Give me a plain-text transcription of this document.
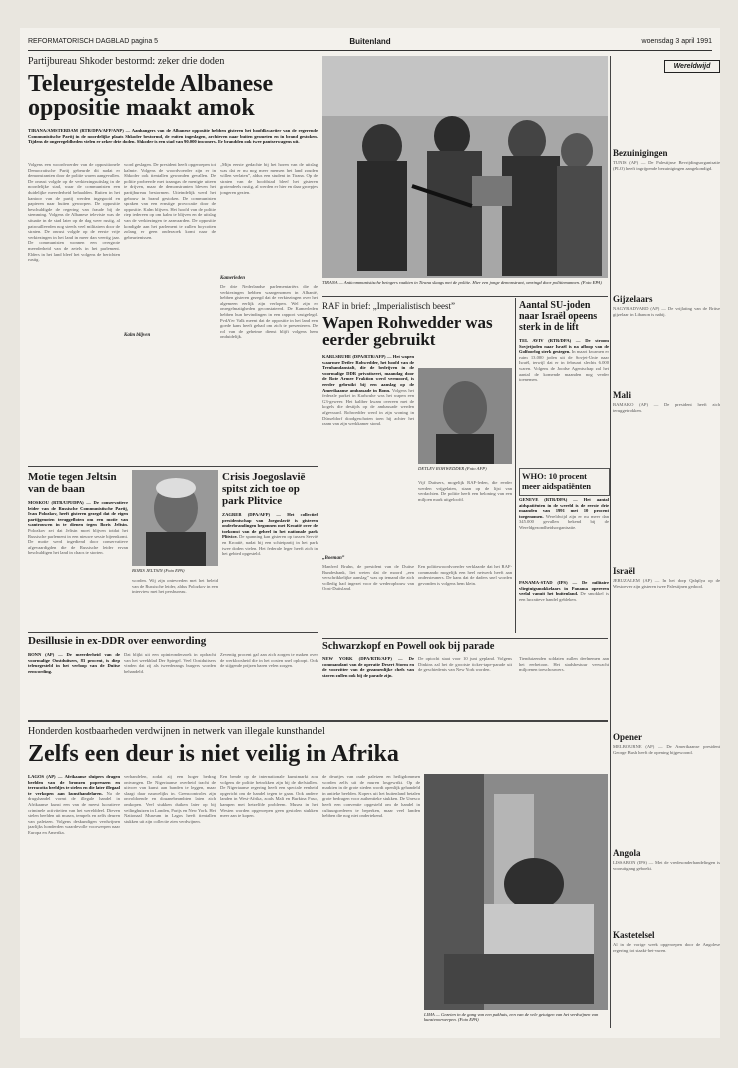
REFORMATORISCH DAGBLAD pagina 5	Buitenland	woensdag 3 april 1991
Partijbureau Shkoder bestormd: zeker drie doden
Teleurgestelde Albanese oppositie maakt amok
TIRANA/AMSTERDAM (RTR/DPA/AFP/ANP) — Aanhangers van de Albanese oppositie hebben gisteren het hoofdkwartier van de regerende Communistische Partij in de noordelijke plaats Shkoder bestormd, de ruiten ingeslagen, archieven naar buiten gesmeten en in brand gestoken. Tijdens de ongeregeldheden vielen er zeker drie doden. Shkoder is een stad van 90.000 inwoners. Er brandden ook twee pantserwagens uit.
Volgens een woordvoerder van de oppositionele Democratische Partij gebeurde dit nadat er demonstranten door de politie waren aangevallen. De onrust volgde op de verkiezingsuitslag in de noordelijke stad, waar de communisten een duidelijke meerderheid behaalden. Ruiten in het kantoor van de partij werden ingegooid en papieren naar buiten geworpen. De oppositie beschuldigde de regering van fraude bij de stemming. Volgens de Albanese televisie was de situatie in de stad later op de dag weer rustig, al patrouilleerden nog steeds veel militairen door de straten. De onrust volgde op de eerste vrije verkiezingen in het land in meer dan veertig jaar. De communisten wonnen een overgrote meerderheid van de zetels in het parlement. Elders in het land bleef het volgens de berichten rustig.
word geslagen. De president heeft opgeroepen tot kalmte. Volgens de woordvoerder zijn er in Shkoder ook tientallen gewonden gevallen. De politie probeerde met traangas de menigte uiteen te drijven, maar de demonstranten bleven het partijbureau bestormen. Uiteindelijk werd het gebouw in brand gestoken. De communisten spraken van een ernstige provocatie door de oppositie. Kalm blijven. Het hoofd van de politie riep iedereen op om kalm te blijven en de uitslag van de verkiezingen te aanvaarden. De oppositie kondigde aan het parlement te zullen boycotten zolang er geen onderzoek komt naar de gebeurtenissen.
Kalm blijven
„Mijn eerste gedachte bij het horen van de uitslag was dat er nu nog meer mensen het land zouden willen verlaten”, aldus een student in Tirana. Op de straten van de hoofdstad bleef het gisteren grotendeels rustig, al werden er hier en daar groepjes jongeren gezien.
Kamerleden
De drie Nederlandse parlementariërs die de verkiezingen hebben waargenomen in Albanië, hebben gisteren gezegd dat de verkiezingen over het algemeen eerlijk zijn verlopen. Wel zijn er onregelmatigheden geconstateerd. De Kamerleden hebben hun bevindingen in een rapport vastgelegd. PvdA'er Valk meent dat de oppositie in het land een goede kans heeft gehad om zich te presenteren. De rol van de geheime dienst blijft volgens hem onduidelijk.
TIRANA — Anticommunistische betogers raakten in Tirana slaags met de politie. Hier een jonge demonstrant, omringd door politiemannen. (Foto EPA)
RAF in brief: „Imperialistisch beest”
Wapen Rohwedder was eerder gebruikt
KARLSRUHE (DPA/RTR/AFP) — Het wapen waarmee Detlev Rohwedder, het hoofd van de Treuhandanstalt, die de bedrijven in de voormalige DDR privatiseert, maandag door de Rote Armee Fraktion werd vermoord, is eerder gebruikt bij een aanslag op de Amerikaanse ambassade in Bonn. Volgens het federale parket in Karlsruhe was het wapen een G3-geweer. Het kaliber kwam overeen met de kogels die destijds op de ambassade werden afgevuurd. Rohwedder werd in zijn woning in Düsseldorf doodgeschoten toen hij achter het raam van zijn werkkamer stond.
DETLEV ROHWEDDER (Foto AFP)
Vijf Duitsers, mogelijk RAF-leden, die eerder werden vrijgelaten, staan op de lijst van verdachten. De politie heeft een beloning van een miljoen mark uitgeloofd.
„Boeman”
Manfred Bruhn, de president van de Duitse Bundesbank, liet weten dat de moord „een verschrikkelijke aanslag” was op iemand die zich volledig had ingezet voor de wederopbouw van Oost-Duitsland.
Een politiewoordvoerder verklaarde dat het RAF-commando mogelijk een heel netwerk heeft aan ondersteuners. De kans dat de daders snel worden gevonden is volgens hem klein.
Aantal SU-joden naar Israël opeens sterk in de lift
TEL AVIV (RTR/DPA) — De stroom Sovjetjoden naar Israël is na afloop van de Golfoorlog sterk gestegen. In maart kwamen er ruim 13.000 joden uit de Sovjet-Unie naar Israël, terwijl dat er in februari slechts 6.000 waren. Volgens de Joodse Agentschap zal het aantal de komende maanden nog verder toenemen.
WHO: 10 procent meer aidspatiënten
GENEVE (RTR/DPA) — Het aantal aidspatiënten in de wereld is de eerste drie maanden van 1991 met 10 procent toegenomen. Wereldwijd zijn er nu meer dan 345.000 gevallen bekend bij de Wereldgezondheidsorganisatie.
PANAMA-STAD (IPS) — De militaire vliegtuigsmokkelaars in Panama opereren veelal vanuit het buitenland. De smokkel is een lucratieve handel gebleken.
Motie tegen Jeltsin van de baan
MOSKOU (RTR/UPI/DPA) — De conservatieve leider van de Russische Communistische Partij, Ivan Polozkov, heeft gisteren gezegd dat de eigen partijgenoten teruggefloten om een motie van wantrouwen in te dienen tegen Boris Jeltsin. Polozkov zei dat Jeltsin moet blijven totdat het Russische parlement in een nieuwe sessie bijeenkomt. De motie werd ingediend door conservatieve afgevaardigden die de Russische leider ervan beschuldigen het land in chaos te storten.
BORIS JELTSIN (Foto EPA)
worden. Wij zijn ontevreden met het beleid van de Russische leider, aldus Polozkov in een interview met het persbureau.
Crisis Joegoslavië spitst zich toe op park Plitvice
ZAGREB (DPA/AFP) — Het collectief presidentschap van Joegoslavië is gisteren onderbrandingen begonnen met Kroatië over de toekomst van de geheel in het nationale park Plitvice. De spanning kan gisteren op tussen Servië en Kroatië, nadat bij een schietpartij in het park twee doden vielen. Het federale leger heeft zich in het gebied opgesteld.
Desillusie in ex-DDR over eenwording
BONN (AP) — De meerderheid van de voormalige Oostduitsers, 83 procent, is diep teleurgesteld in het verloop van de Duitse eenwording.
Dat blijkt uit een opinieonderzoek in opdracht van het weekblad Der Spiegel. Veel Oostduitsers vinden dat zij als tweederangs burgers worden behandeld.
Zeventig procent gaf aan zich zorgen te maken over de werkloosheid die in het oosten snel oploopt. Ook de stijgende prijzen baren velen zorgen.
Schwarzkopf en Powell ook bij parade
NEW YORK (DPA/RTR/AFP) — De commandant van de operatie Desert Storm en de voorzitter van de gezamenlijke chefs van staven zullen ook bij de parade zijn.
De optocht staat voor 10 juni gepland. Volgens Dinkins zal het de grootste ticker-tape-parade uit de geschiedenis van New York worden.
Tienduizenden soldaten zullen deelnemen aan het eerbetoon. Het stadsbestuur verwacht miljoenen toeschouwers.
Honderden kostbaarheden verdwijnen in netwerk van illegale kunsthandel
Zelfs een deur is niet veilig in Afrika
LAGOS (AP) — Afrikaanse sluipers dragen beelden van de bronzen popreuzen en terracotta beeldjes te stelen en die later illegaal te verkopen aan kunsthandelaren. Na de drugshandel vormt de illegale handel in Afrikaanse kunst een van de meest lucratieve criminele activiteiten van het werelddeel. Dieven stelen beelden uit musea, tempels en zelfs deuren van paleizen. Volgens deskundigen verdwijnen jaarlijks honderden waardevolle voorwerpen naar Europa en Amerika.
verhandelen, zodat zij een hoger bedrag ontvangen. De Nigeriaanse overheid tracht de uitvoer van kunst aan banden te leggen, maar slaagt daar nauwelijks in. Grenscontroles zijn onvoldoende en douanebeambten laten zich omkopen. Veel stukken duiken later op bij veilinghuizen in Londen, Parijs en New York. Het Nationaal Museum in Lagos heeft tientallen stukken uit zijn collectie zien verdwijnen.
Een bende op de internationale kunstmarkt zou volgens de politie betrokken zijn bij de diefstallen. De Nigeriaanse regering heeft een speciale eenheid opgericht om de handel tegen te gaan. Ook andere landen in West-Afrika, zoals Mali en Burkina Faso, kampen met hetzelfde probleem. Musea in het Westen worden opgeroepen geen gestolen stukken meer aan te kopen.
de deurtjes van oude paleizen en heiligdommen worden zelfs uit de muren losgewrikt. Op de markten in de grote steden wordt openlijk gehandeld in antieke beelden. Kopers uit het buitenland betalen grote bedragen voor authentieke stukken. De Unesco heeft een conventie opgesteld om de handel in cultuurgoederen te beperken, maar veel landen hebben die nog niet ondertekend.
LIMA — Gezeten in de gang van een pakhuis, een van de vele getuigen van het verdwijnen van kunstvoorwerpen. (Foto EPA)
Wereldwijd
Bezuinigingen
TUNIS (AP) — De Palestijnse Bevrijdingsorganisatie (PLO) heeft ingrijpende bezuinigingen aangekondigd.
Gijzelaars
NAGYRADVARD (AP) — De vrijlating van de Britse gijzelaar in Libanon is nabij.
Mali
BAMAKO (AP) — De president heeft zich teruggetrokken.
Israël
JERUZALEM (AP) — In het dorp Qalqilya op de Westoever zijn gisteren twee Palestijnen gedood.
Opener
MELBOURNE (AP) — De Amerikaanse president George Bush heeft de opening bijgewoond.
Angola
LISSABON (IPS) — Met de vredesonderhandelingen is vooruitgang geboekt.
Kastetelsel
Al in de vorige week opgeroepen door de Angolese regering tot staakt-het-vuren.
